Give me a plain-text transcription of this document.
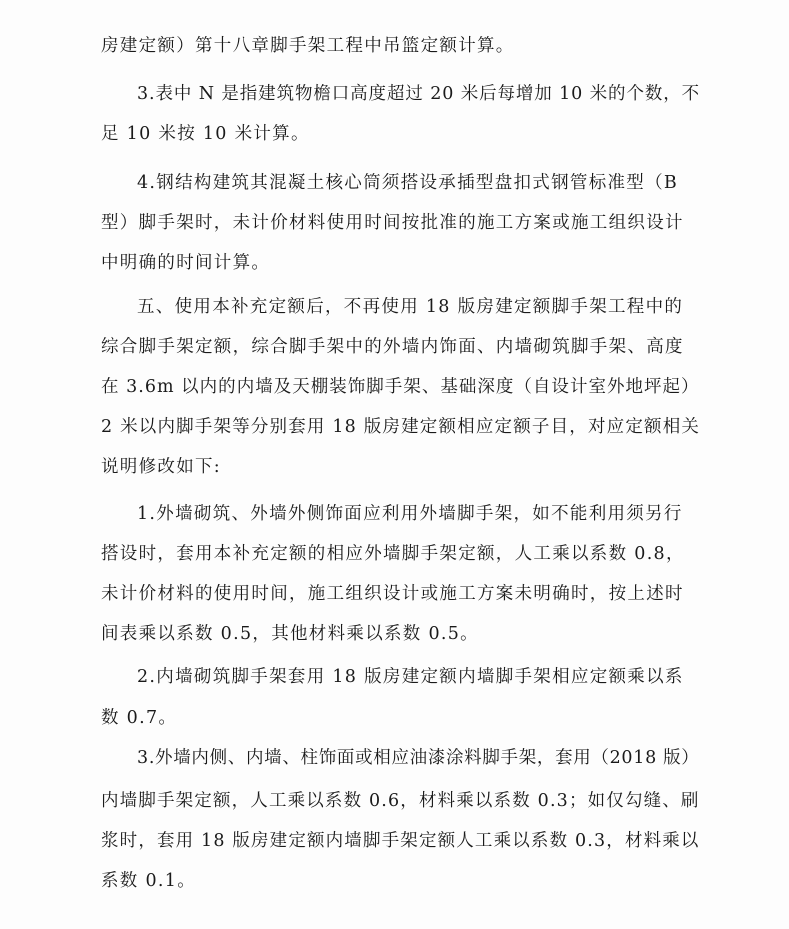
房建定额）第十八章脚手架工程中吊篮定额计算。
3.表中 N 是指建筑物檐口高度超过 20 米后每增加 10 米的个数，不
足 10 米按 10 米计算。
4.钢结构建筑其混凝土核心筒须搭设承插型盘扣式钢管标准型（B
型）脚手架时，未计价材料使用时间按批准的施工方案或施工组织设计
中明确的时间计算。
五、使用本补充定额后，不再使用 18 版房建定额脚手架工程中的
综合脚手架定额，综合脚手架中的外墙内饰面、内墙砌筑脚手架、高度
在 3.6m 以内的内墙及天棚装饰脚手架、基础深度（自设计室外地坪起）
2 米以内脚手架等分别套用 18 版房建定额相应定额子目，对应定额相关
说明修改如下:
1.外墙砌筑、外墙外侧饰面应利用外墙脚手架，如不能利用须另行
搭设时，套用本补充定额的相应外墙脚手架定额，人工乘以系数 0.8，
未计价材料的使用时间，施工组织设计或施工方案未明确时，按上述时
间表乘以系数 0.5，其他材料乘以系数 0.5。
2.内墙砌筑脚手架套用 18 版房建定额内墙脚手架相应定额乘以系
数 0.7。
3.外墙内侧、内墙、柱饰面或相应油漆涂料脚手架，套用（2018 版）
内墙脚手架定额，人工乘以系数 0.6，材料乘以系数 0.3；如仅勾缝、刷
浆时，套用 18 版房建定额内墙脚手架定额人工乘以系数 0.3，材料乘以
系数 0.1。
